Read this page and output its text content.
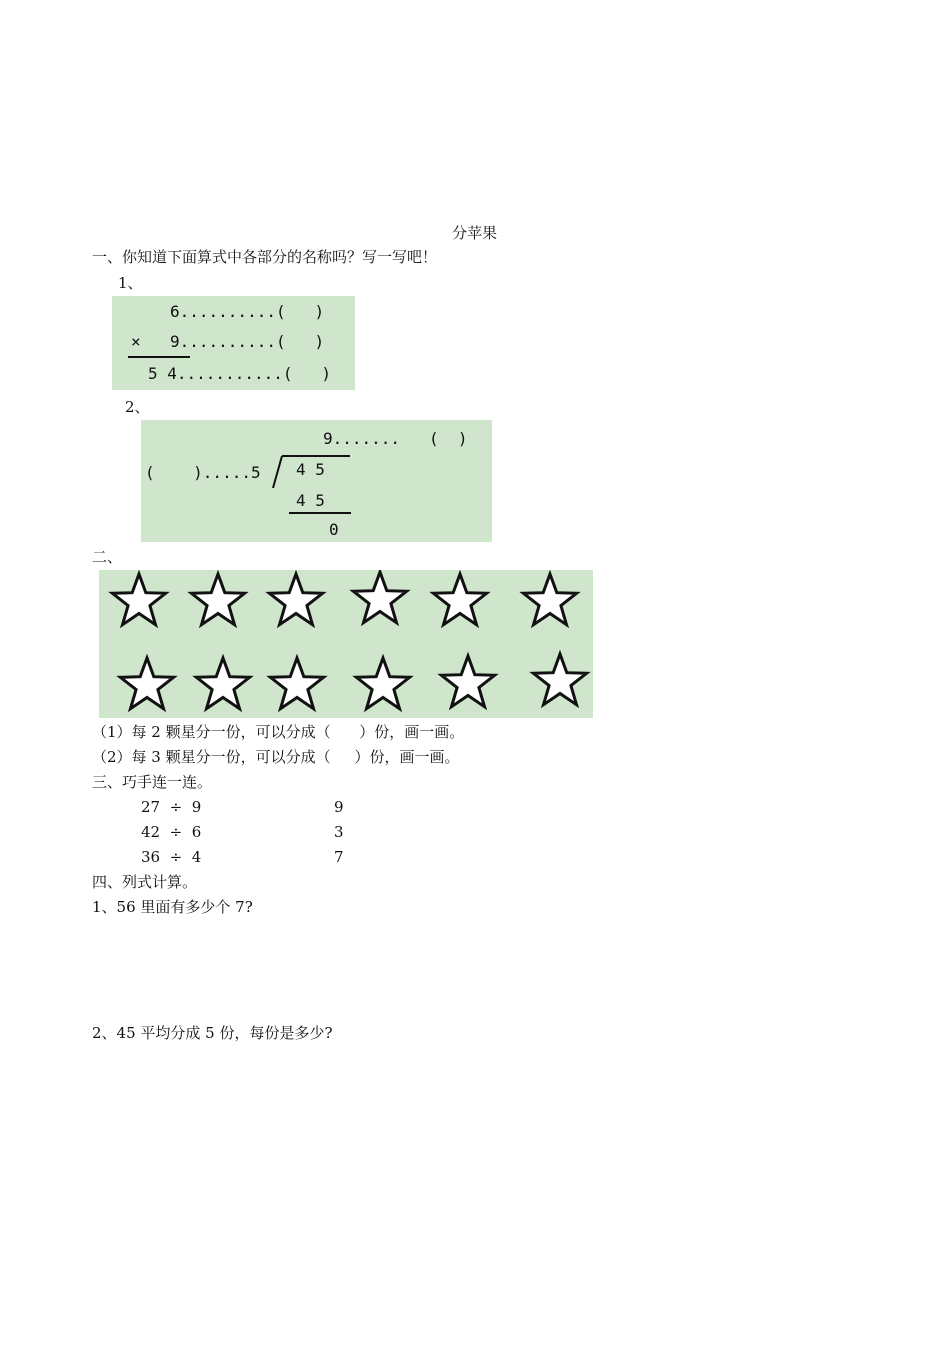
分苹果
一、你知道下面算式中各部分的名称吗？写一写吧！
1、
6..........(   )
× 9..........(   )
5 4...........(   )
2、
9.......   (  )
(    ).....5 4 5
4 5
0
二、
（1）每 2 颗星分一份，可以分成（      ）份，画一画。
（2）每 3 颗星分一份，可以分成（     ）份，画一画。
三、巧手连一连。
27  ÷  9
42  ÷  6
36  ÷  4
9
3
7
四、列式计算。
1、56 里面有多少个 7?
2、45 平均分成 5 份，每份是多少?
